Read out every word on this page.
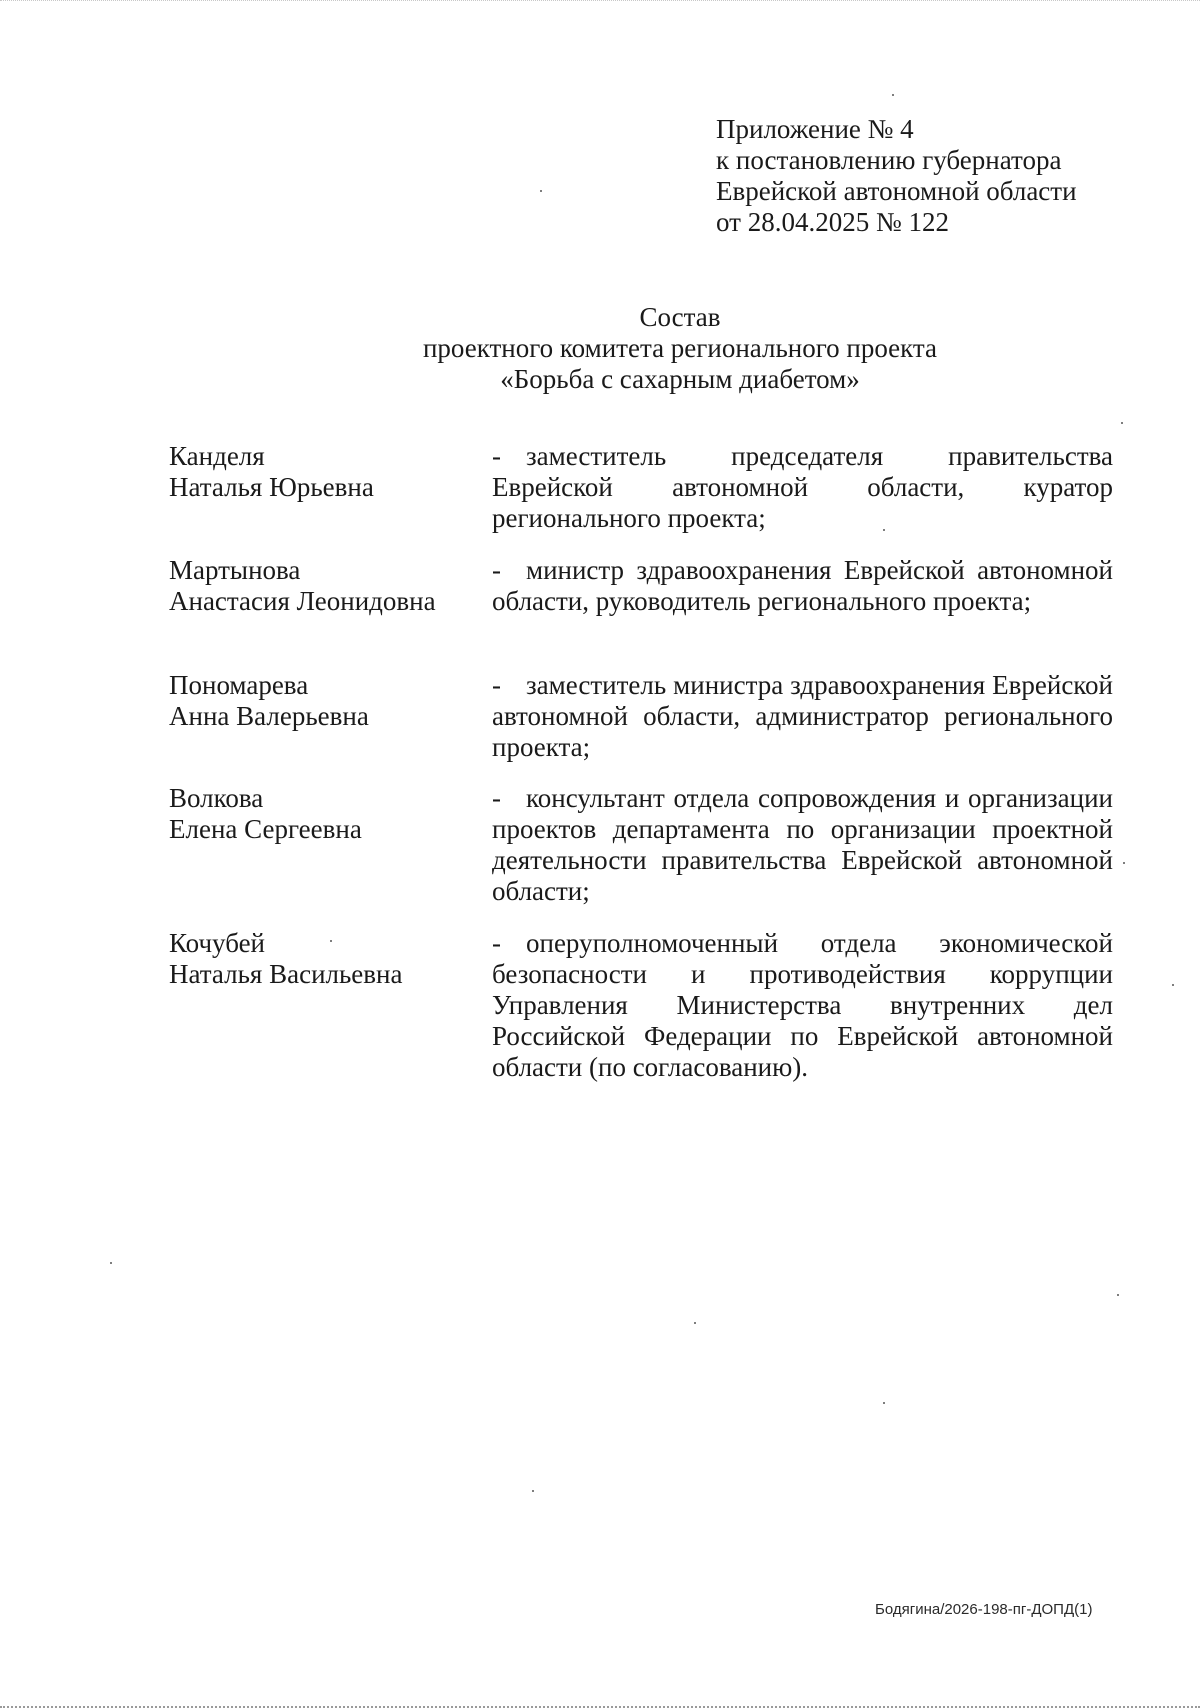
Приложение № 4
к постановлению губернатора
Еврейской автономной области
от 28.04.2025 № 122
Состав
проектного комитета регионального проекта
«Борьба с сахарным диабетом»
Канделя
Наталья Юрьевна
- заместитель председателя правительства Еврейской автономной области, куратор регионального проекта;
Мартынова
Анастасия Леонидовна
- министр здравоохранения Еврейской автономной области, руководитель регионального проекта;
Пономарева
Анна Валерьевна
- заместитель министра здравоохранения Еврейской автономной области, администратор регионального проекта;
Волкова
Елена Сергеевна
- консультант отдела сопровождения и организации проектов департамента по организации проектной деятельности правительства Еврейской автономной области;
Кочубей
Наталья Васильевна
- оперуполномоченный отдела экономической безопасности и противодействия коррупции Управления Министерства внутренних дел Российской Федерации по Еврейской автономной области (по согласованию).
Бодягина/2026-198-пг-ДОПД(1)
